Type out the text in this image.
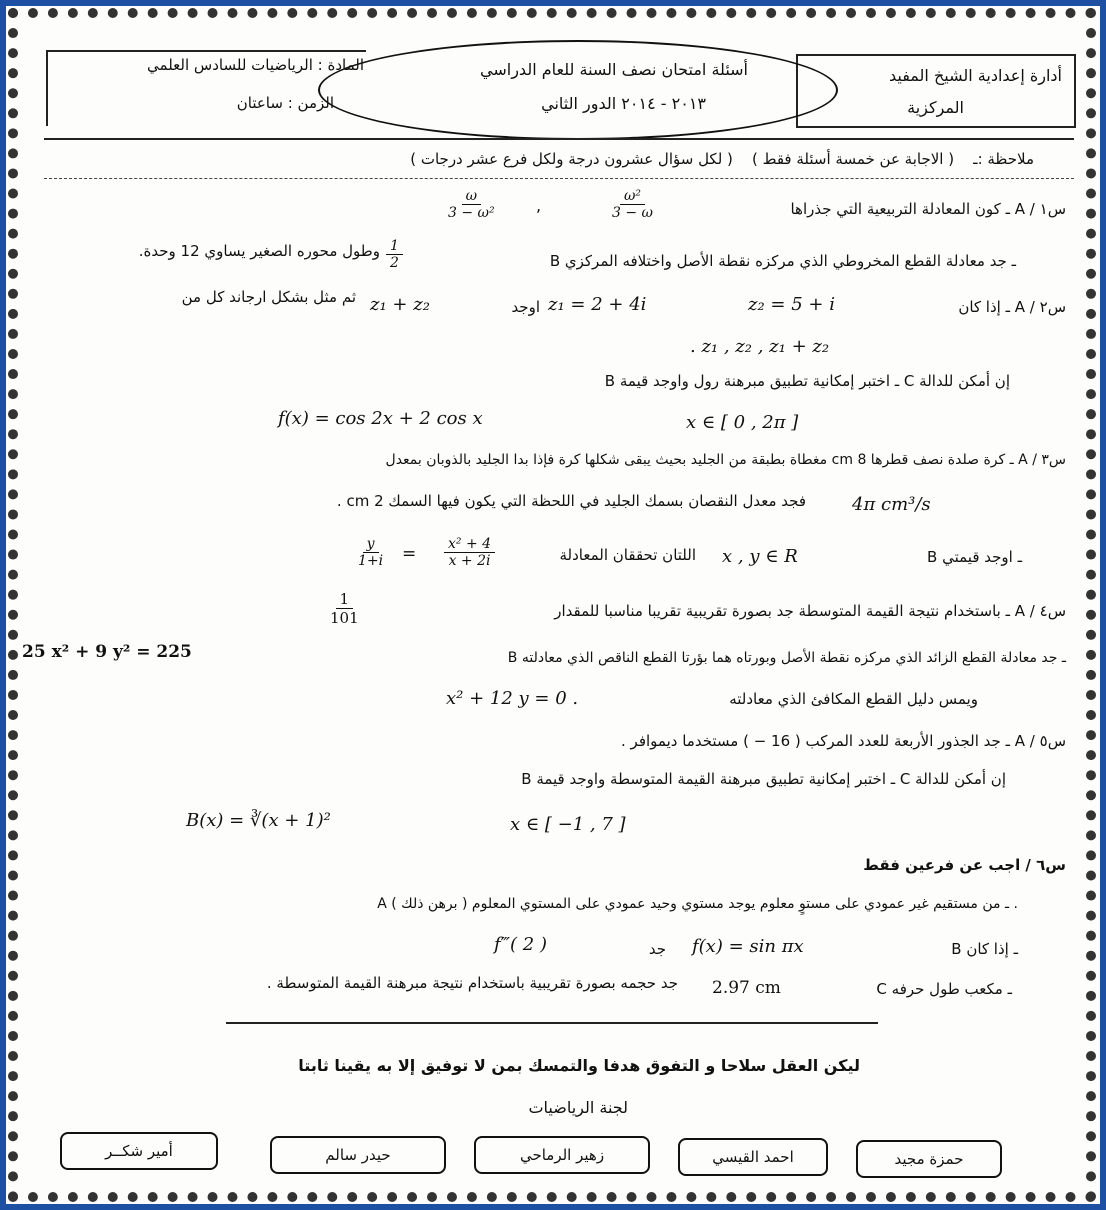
أدارة إعدادية الشيخ المفيد
المركزية
أسئلة امتحان نصف السنة للعام الدراسي
٢٠١٣ - ٢٠١٤ الدور الثاني
المادة : الرياضيات للسادس العلمي
الزمن : ساعتان
ملاحظة :ـ    ( الاجابة عن خمسة أسئلة فقط )    ( لكل سؤال عشرون درجة ولكل فرع عشر درجات )
س١ / A ـ كون المعادلة التربيعية التي جذراها
$\frac{\text{ω²}}{3 - \omega}$
,
$\frac{\omega}{\text{3 − ω²}}$
B ـ جد معادلة القطع المخروطي الذي مركزه نقطة الأصل واختلافه المركزي
$\frac{1}{2}$
وطول محوره الصغير يساوي 12 وحدة.
س٢ / A ـ إذا كان
z₂ = 5 + i
z₁ = 2 + 4i
اوجد
z₁ + z₂
ثم مثل بشكل ارجاند كل من
. z₁ , z₂ , z₁ + z₂
B ـ اختبر إمكانية تطبيق مبرهنة رول واوجد قيمة C إن أمكن للدالة
f(x) = cos 2x + 2 cos x	x ∈ [ 0 , 2π ]
س٣ / A ـ كرة صلدة نصف قطرها 8 cm مغطاة بطبقة من الجليد بحيث يبقى شكلها كرة فإذا بدا الجليد بالذوبان بمعدل
4π cm³/s
فجد معدل النقصان بسمك الجليد في اللحظة التي يكون فيها السمك 2 cm .
B ـ اوجد قيمتي
x , y ∈ R
اللتان تحققان المعادلة
$\frac{y}{1+i} = \frac{\text{x² + 4}}{x + 2i}$
س٤ / A ـ باستخدام نتيجة القيمة المتوسطة جد بصورة تقريبية تقريبا مناسبا للمقدار
$\frac{1}{101}$
B ـ جد معادلة القطع الزائد الذي مركزه نقطة الأصل وبورتاه هما بؤرتا القطع الناقص الذي معادلته
25 x² + 9 y² = 225
ويمس دليل القطع المكافئ الذي معادلته
x² + 12 y = 0 .
س٥ / A ـ جد الجذور الأربعة للعدد المركب ( 16 − ) مستخدما ديموافر .
B ـ اختبر إمكانية تطبيق مبرهنة القيمة المتوسطة واوجد قيمة C إن أمكن للدالة
B(x) = ∛(x + 1)²	x ∈ [ −1 , 7 ]
س٦ / اجب عن فرعين فقط
A ـ من مستقيم غير عمودي على مستوٍ معلوم يوجد مستوي وحيد عمودي على المستوي المعلوم ( برهن ذلك ) .
B ـ إذا كان
f(x) = sin πx
جد
f‴( 2 )
C ـ مكعب طول حرفه
2.97 cm
جد حجمه بصورة تقريبية باستخدام نتيجة مبرهنة القيمة المتوسطة .
ليكن العقل سلاحا و التفوق هدفا والتمسك بمن لا توفيق إلا به يقينا ثابتا
لجنة الرياضيات
حمزة مجيد
احمد القيسي
زهير الرماحي
حيدر سالم
أمير شكــر
